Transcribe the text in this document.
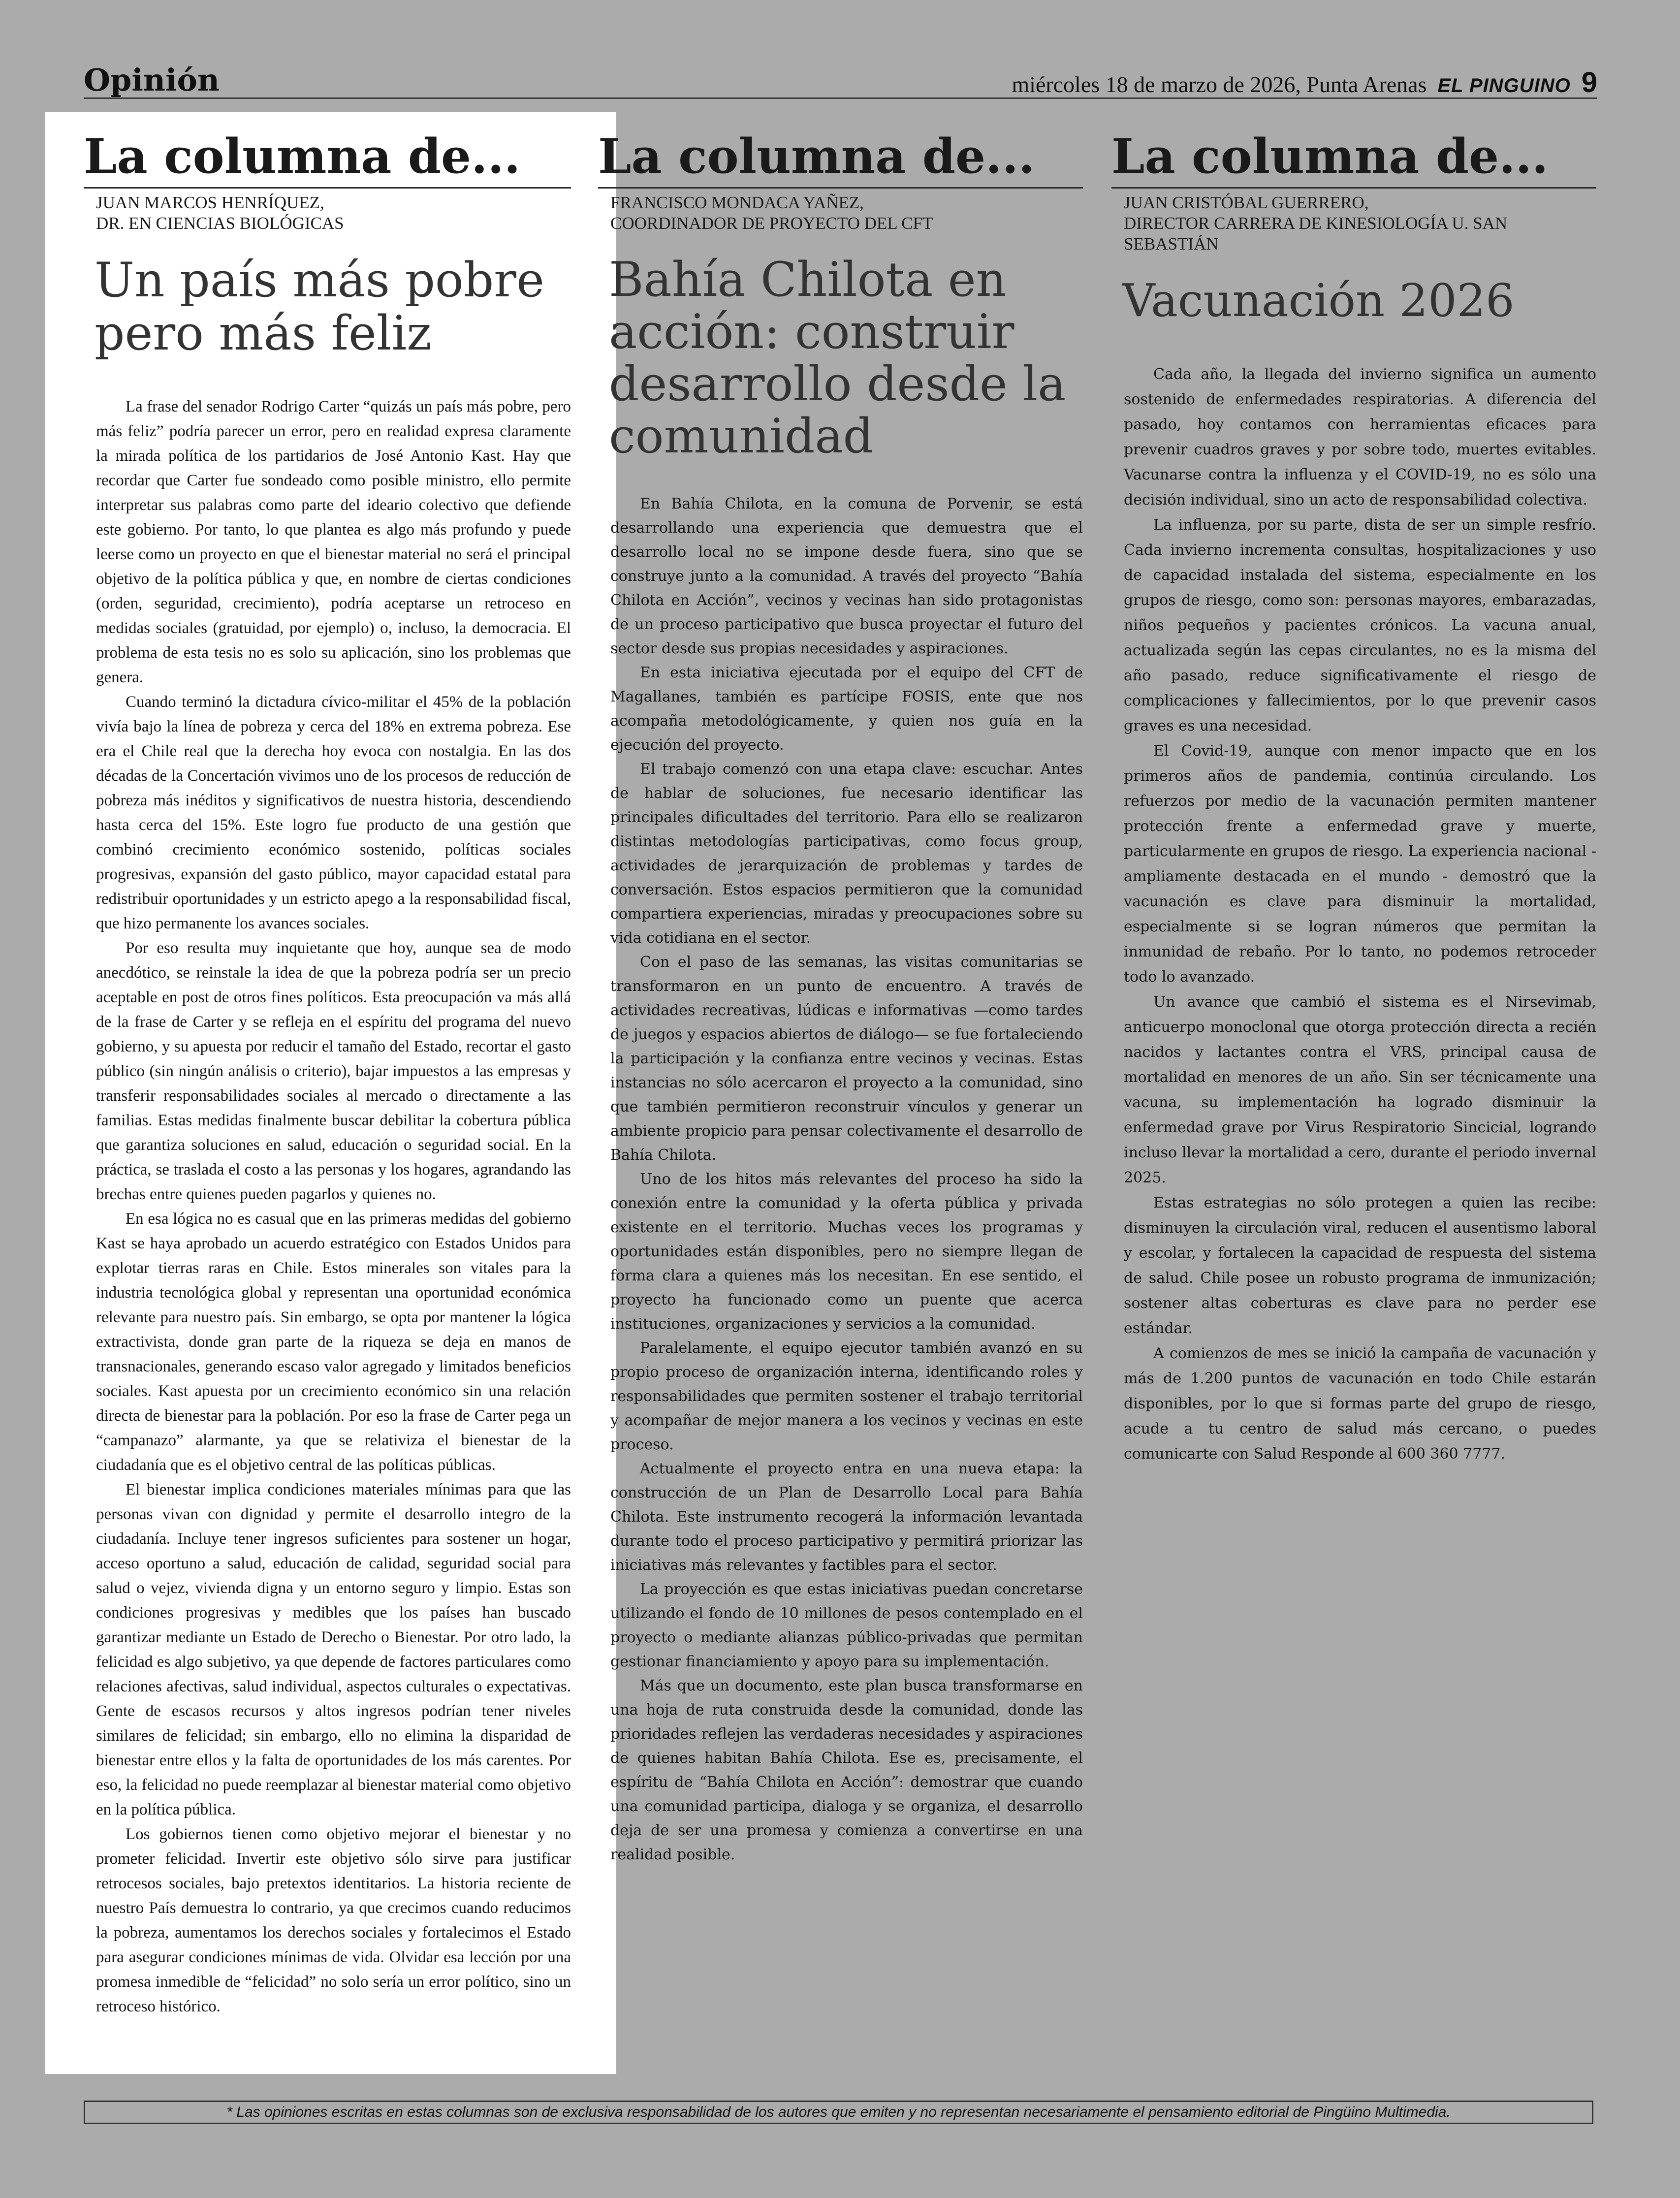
Opinión	miércoles 18 de marzo de 2026, Punta Arenas EL PINGUINO 9
La columna de...
JUAN MARCOS HENRÍQUEZ,
DR. EN CIENCIAS BIOLÓGICAS
Un país más pobre pero más feliz

La frase del senador Rodrigo Carter “quizás un país más pobre, pero más feliz” podría parecer un error, pero en realidad expresa claramente la mirada política de los partidarios de José Antonio Kast. Hay que recordar que Carter fue sondeado como posible ministro, ello permite interpretar sus palabras como parte del ideario colectivo que defiende este gobierno. Por tanto, lo que plantea es algo más profundo y puede leerse como un proyecto en que el bienestar material no será el principal objetivo de la política pública y que, en nombre de ciertas condiciones (orden, seguridad, crecimiento), podría aceptarse un retroceso en medidas sociales (gratuidad, por ejemplo) o, incluso, la democracia. El problema de esta tesis no es solo su aplicación, sino los problemas que genera.

Cuando terminó la dictadura cívico-militar el 45% de la población vivía bajo la línea de pobreza y cerca del 18% en extrema pobreza. Ese era el Chile real que la derecha hoy evoca con nostalgia. En las dos décadas de la Concertación vivimos uno de los procesos de reducción de pobreza más inéditos y significativos de nuestra historia, descendiendo hasta cerca del 15%. Este logro fue producto de una gestión que combinó crecimiento económico sostenido, políticas sociales progresivas, expansión del gasto público, mayor capacidad estatal para redistribuir oportunidades y un estricto apego a la responsabilidad fiscal, que hizo permanente los avances sociales.

Por eso resulta muy inquietante que hoy, aunque sea de modo anecdótico, se reinstale la idea de que la pobreza podría ser un precio aceptable en post de otros fines políticos. Esta preocupación va más allá de la frase de Carter y se refleja en el espíritu del programa del nuevo gobierno, y su apuesta por reducir el tamaño del Estado, recortar el gasto público (sin ningún análisis o criterio), bajar impuestos a las empresas y transferir responsabilidades sociales al mercado o directamente a las familias. Estas medidas finalmente buscar debilitar la cobertura pública que garantiza soluciones en salud, educación o seguridad social. En la práctica, se traslada el costo a las personas y los hogares, agrandando las brechas entre quienes pueden pagarlos y quienes no.

En esa lógica no es casual que en las primeras medidas del gobierno Kast se haya aprobado un acuerdo estratégico con Estados Unidos para explotar tierras raras en Chile. Estos minerales son vitales para la industria tecnológica global y representan una oportunidad económica relevante para nuestro país. Sin embargo, se opta por mantener la lógica extractivista, donde gran parte de la riqueza se deja en manos de transnacionales, generando escaso valor agregado y limitados beneficios sociales. Kast apuesta por un crecimiento económico sin una relación directa de bienestar para la población. Por eso la frase de Carter pega un “campanazo” alarmante, ya que se relativiza el bienestar de la ciudadanía que es el objetivo central de las políticas públicas.

El bienestar implica condiciones materiales mínimas para que las personas vivan con dignidad y permite el desarrollo integro de la ciudadanía. Incluye tener ingresos suficientes para sostener un hogar, acceso oportuno a salud, educación de calidad, seguridad social para salud o vejez, vivienda digna y un entorno seguro y limpio. Estas son condiciones progresivas y medibles que los países han buscado garantizar mediante un Estado de Derecho o Bienestar. Por otro lado, la felicidad es algo subjetivo, ya que depende de factores particulares como relaciones afectivas, salud individual, aspectos culturales o expectativas. Gente de escasos recursos y altos ingresos podrían tener niveles similares de felicidad; sin embargo, ello no elimina la disparidad de bienestar entre ellos y la falta de oportunidades de los más carentes. Por eso, la felicidad no puede reemplazar al bienestar material como objetivo en la política pública.

Los gobiernos tienen como objetivo mejorar el bienestar y no prometer felicidad. Invertir este objetivo sólo sirve para justificar retrocesos sociales, bajo pretextos identitarios. La historia reciente de nuestro País demuestra lo contrario, ya que crecimos cuando reducimos la pobreza, aumentamos los derechos sociales y fortalecimos el Estado para asegurar condiciones mínimas de vida. Olvidar esa lección por una promesa inmedible de “felicidad” no solo sería un error político, sino un retroceso histórico.

La columna de...
FRANCISCO MONDACA YAÑEZ,
COORDINADOR DE PROYECTO DEL CFT
Bahía Chilota en acción: construir desarrollo desde la comunidad

En Bahía Chilota, en la comuna de Porvenir, se está desarrollando una experiencia que demuestra que el desarrollo local no se impone desde fuera, sino que se construye junto a la comunidad. A través del proyecto “Bahía Chilota en Acción”, vecinos y vecinas han sido protagonistas de un proceso participativo que busca proyectar el futuro del sector desde sus propias necesidades y aspiraciones.

En esta iniciativa ejecutada por el equipo del CFT de Magallanes, también es partícipe FOSIS, ente que nos acompaña metodológicamente, y quien nos guía en la ejecución del proyecto.

El trabajo comenzó con una etapa clave: escuchar. Antes de hablar de soluciones, fue necesario identificar las principales dificultades del territorio. Para ello se realizaron distintas metodologías participativas, como focus group, actividades de jerarquización de problemas y tardes de conversación. Estos espacios permitieron que la comunidad compartiera experiencias, miradas y preocupaciones sobre su vida cotidiana en el sector.

Con el paso de las semanas, las visitas comunitarias se transformaron en un punto de encuentro. A través de actividades recreativas, lúdicas e informativas —como tardes de juegos y espacios abiertos de diálogo— se fue fortaleciendo la participación y la confianza entre vecinos y vecinas. Estas instancias no sólo acercaron el proyecto a la comunidad, sino que también permitieron reconstruir vínculos y generar un ambiente propicio para pensar colectivamente el desarrollo de Bahía Chilota.

Uno de los hitos más relevantes del proceso ha sido la conexión entre la comunidad y la oferta pública y privada existente en el territorio. Muchas veces los programas y oportunidades están disponibles, pero no siempre llegan de forma clara a quienes más los necesitan. En ese sentido, el proyecto ha funcionado como un puente que acerca instituciones, organizaciones y servicios a la comunidad.

Paralelamente, el equipo ejecutor también avanzó en su propio proceso de organización interna, identificando roles y responsabilidades que permiten sostener el trabajo territorial y acompañar de mejor manera a los vecinos y vecinas en este proceso.

Actualmente el proyecto entra en una nueva etapa: la construcción de un Plan de Desarrollo Local para Bahía Chilota. Este instrumento recogerá la información levantada durante todo el proceso participativo y permitirá priorizar las iniciativas más relevantes y factibles para el sector.

La proyección es que estas iniciativas puedan concretarse utilizando el fondo de 10 millones de pesos contemplado en el proyecto o mediante alianzas público-privadas que permitan gestionar financiamiento y apoyo para su implementación.

Más que un documento, este plan busca transformarse en una hoja de ruta construida desde la comunidad, donde las prioridades reflejen las verdaderas necesidades y aspiraciones de quienes habitan Bahía Chilota. Ese es, precisamente, el espíritu de “Bahía Chilota en Acción”: demostrar que cuando una comunidad participa, dialoga y se organiza, el desarrollo deja de ser una promesa y comienza a convertirse en una realidad posible.

La columna de...
JUAN CRISTÓBAL GUERRERO,
DIRECTOR CARRERA DE KINESIOLOGÍA U. SAN SEBASTIÁN
Vacunación 2026

Cada año, la llegada del invierno significa un aumento sostenido de enfermedades respiratorias. A diferencia del pasado, hoy contamos con herramientas eficaces para prevenir cuadros graves y por sobre todo, muertes evitables. Vacunarse contra la influenza y el COVID-19, no es sólo una decisión individual, sino un acto de responsabilidad colectiva.

La influenza, por su parte, dista de ser un simple resfrío. Cada invierno incrementa consultas, hospitalizaciones y uso de capacidad instalada del sistema, especialmente en los grupos de riesgo, como son: personas mayores, embarazadas, niños pequeños y pacientes crónicos. La vacuna anual, actualizada según las cepas circulantes, no es la misma del año pasado, reduce significativamente el riesgo de complicaciones y fallecimientos, por lo que prevenir casos graves es una necesidad.

El Covid-19, aunque con menor impacto que en los primeros años de pandemia, continúa circulando. Los refuerzos por medio de la vacunación permiten mantener protección frente a enfermedad grave y muerte, particularmente en grupos de riesgo. La experiencia nacional - ampliamente destacada en el mundo - demostró que la vacunación es clave para disminuir la mortalidad, especialmente si se logran números que permitan la inmunidad de rebaño. Por lo tanto, no podemos retroceder todo lo avanzado.

Un avance que cambió el sistema es el Nirsevimab, anticuerpo monoclonal que otorga protección directa a recién nacidos y lactantes contra el VRS, principal causa de mortalidad en menores de un año. Sin ser técnicamente una vacuna, su implementación ha logrado disminuir la enfermedad grave por Virus Respiratorio Sincicial, logrando incluso llevar la mortalidad a cero, durante el periodo invernal 2025.

Estas estrategias no sólo protegen a quien las recibe: disminuyen la circulación viral, reducen el ausentismo laboral y escolar, y fortalecen la capacidad de respuesta del sistema de salud. Chile posee un robusto programa de inmunización; sostener altas coberturas es clave para no perder ese estándar.

A comienzos de mes se inició la campaña de vacunación y más de 1.200 puntos de vacunación en todo Chile estarán disponibles, por lo que si formas parte del grupo de riesgo, acude a tu centro de salud más cercano, o puedes comunicarte con Salud Responde al 600 360 7777.

* Las opiniones escritas en estas columnas son de exclusiva responsabilidad de los autores que emiten y no representan necesariamente el pensamiento editorial de Pingüino Multimedia.
